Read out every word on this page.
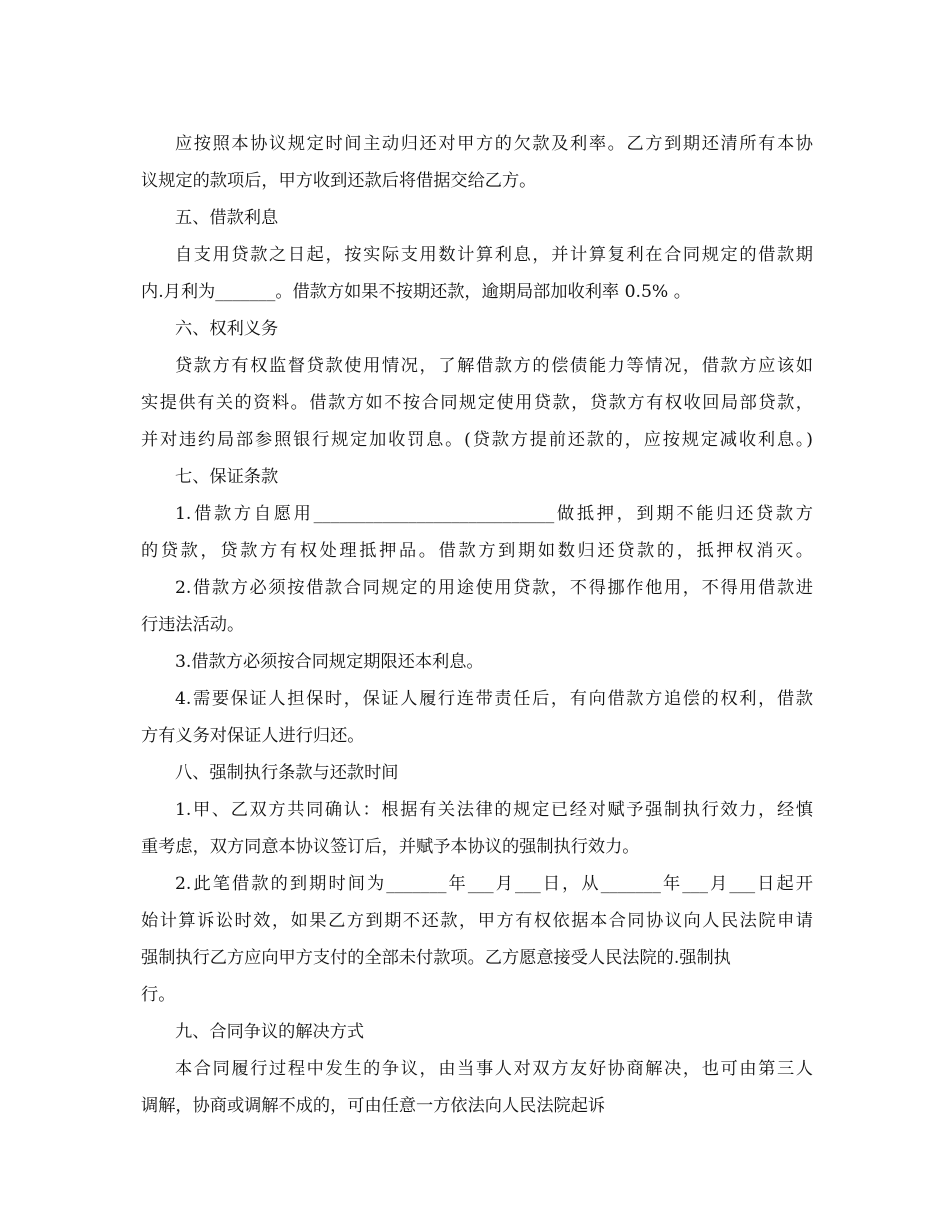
应按照本协议规定时间主动归还对甲方的欠款及利率。乙方到期还清所有本协
议规定的款项后，甲方收到还款后将借据交给乙方。
五、借款利息
自支用贷款之日起，按实际支用数计算利息，并计算复利在合同规定的借款期
内.月利为_______。借款方如果不按期还款，逾期局部加收利率 0.5% 。
六、权利义务
贷款方有权监督贷款使用情况，了解借款方的偿债能力等情况，借款方应该如
实提供有关的资料。借款方如不按合同规定使用贷款，贷款方有权收回局部贷款，
并对违约局部参照银行规定加收罚息。(贷款方提前还款的，应按规定减收利息。)
七、保证条款
1.借款方自愿用____________________________做抵押，到期不能归还贷款方
的贷款，贷款方有权处理抵押品。借款方到期如数归还贷款的，抵押权消灭。
2.借款方必须按借款合同规定的用途使用贷款，不得挪作他用，不得用借款进
行违法活动。
3.借款方必须按合同规定期限还本利息。
4.需要保证人担保时，保证人履行连带责任后，有向借款方追偿的权利，借款
方有义务对保证人进行归还。
八、强制执行条款与还款时间
1.甲、乙双方共同确认：根据有关法律的规定已经对赋予强制执行效力，经慎
重考虑，双方同意本协议签订后，并赋予本协议的强制执行效力。
2.此笔借款的到期时间为_______年___月___日，从_______年___月___日起开
始计算诉讼时效，如果乙方到期不还款，甲方有权依据本合同协议向人民法院申请
强制执行乙方应向甲方支付的全部未付款项。乙方愿意接受人民法院的.强制执
行。
九、合同争议的解决方式
本合同履行过程中发生的争议，由当事人对双方友好协商解决，也可由第三人
调解，协商或调解不成的，可由任意一方依法向人民法院起诉
